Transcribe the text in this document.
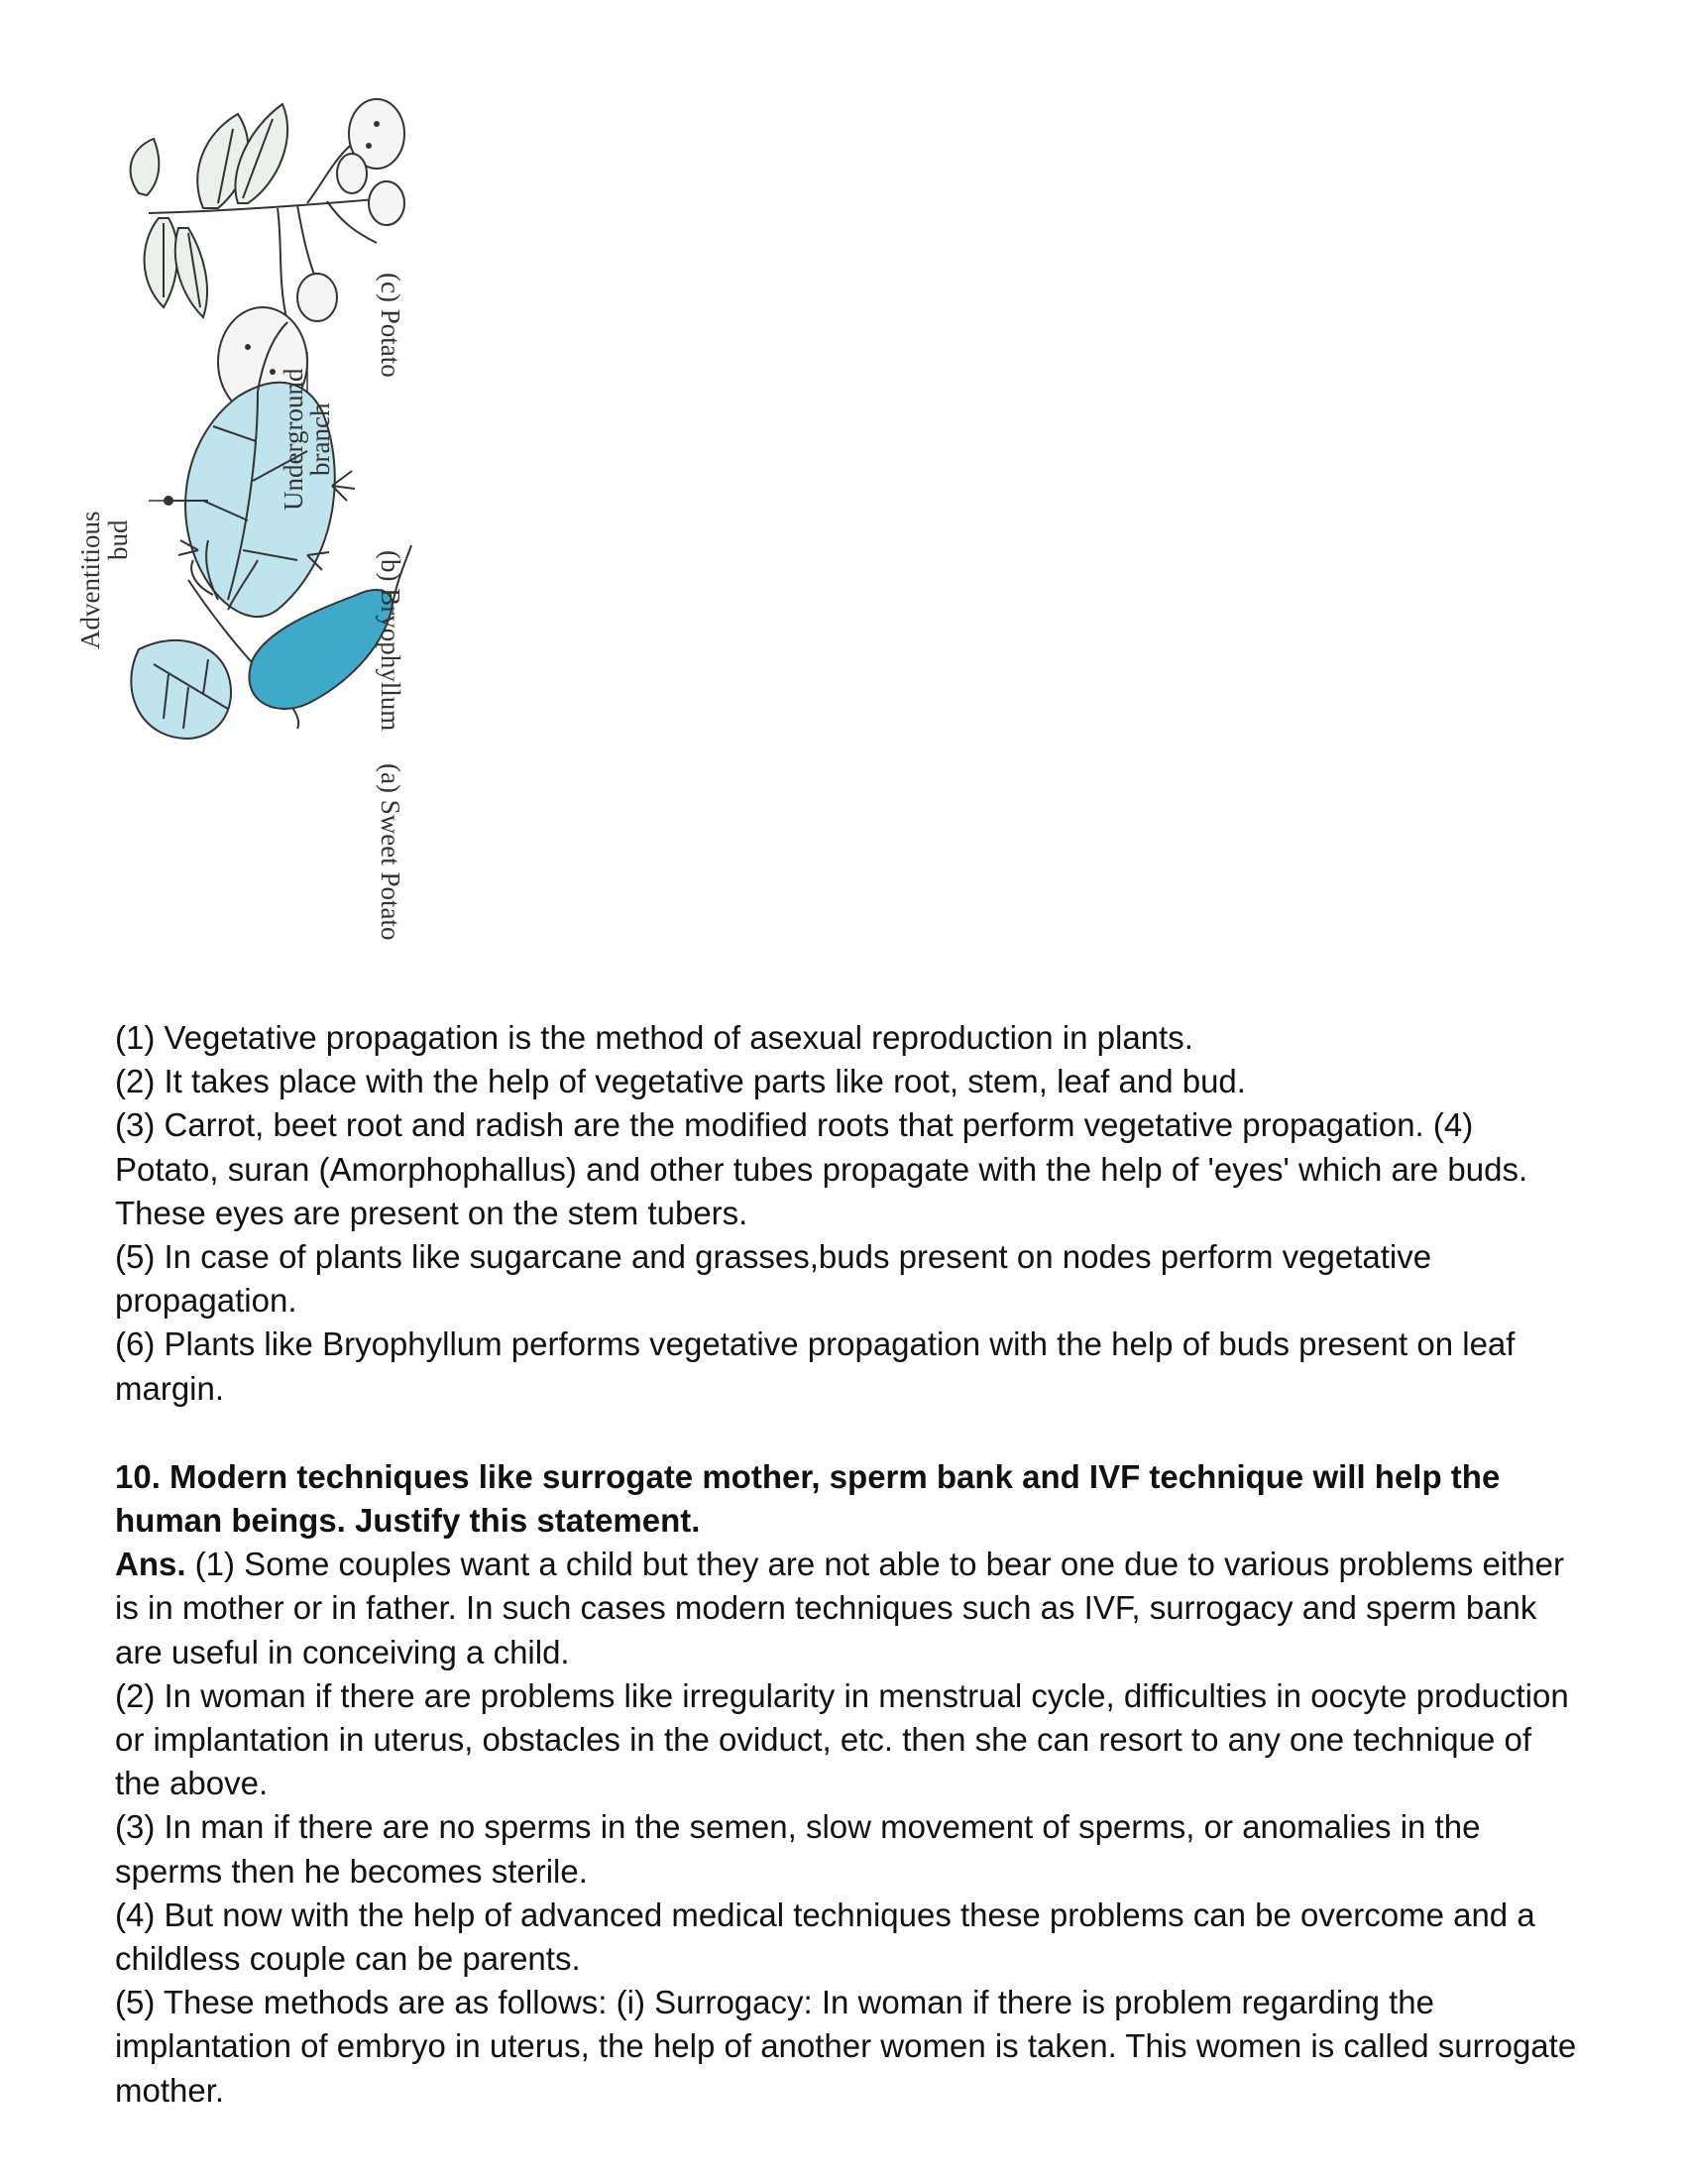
(c) Potato
(b) Bryophyllum
(a) Sweet Potato
Underground
branch
Adventitious
bud

(1) Vegetative propagation is the method of asexual reproduction in plants.

(2) It takes place with the help of vegetative parts like root, stem, leaf and bud.

(3) Carrot, beet root and radish are the modified roots that perform vegetative propagation. (4) Potato, suran (Amorphophallus) and other tubes propagate with the help of 'eyes' which are buds. These eyes are present on the stem tubers.

(5) In case of plants like sugarcane and grasses,buds present on nodes perform vegetative propagation.

(6) Plants like Bryophyllum performs vegetative propagation with the help of buds present on leaf margin.

10. Modern techniques like surrogate mother, sperm bank and IVF technique will help the human beings. Justify this statement.

Ans. (1) Some couples want a child but they are not able to bear one due to various problems either is in mother or in father. In such cases modern techniques such as IVF, surrogacy and sperm bank are useful in conceiving a child.

(2) In woman if there are problems like irregularity in menstrual cycle, difficulties in oocyte production or implantation in uterus, obstacles in the oviduct, etc. then she can resort to any one technique of the above.

(3) In man if there are no sperms in the semen, slow movement of sperms, or anomalies in the sperms then he becomes sterile.

(4) But now with the help of advanced medical techniques these problems can be overcome and a childless couple can be parents.

(5) These methods are as follows: (i) Surrogacy: In woman if there is problem regarding the implantation of embryo in uterus, the help of another women is taken. This women is called surrogate mother.
